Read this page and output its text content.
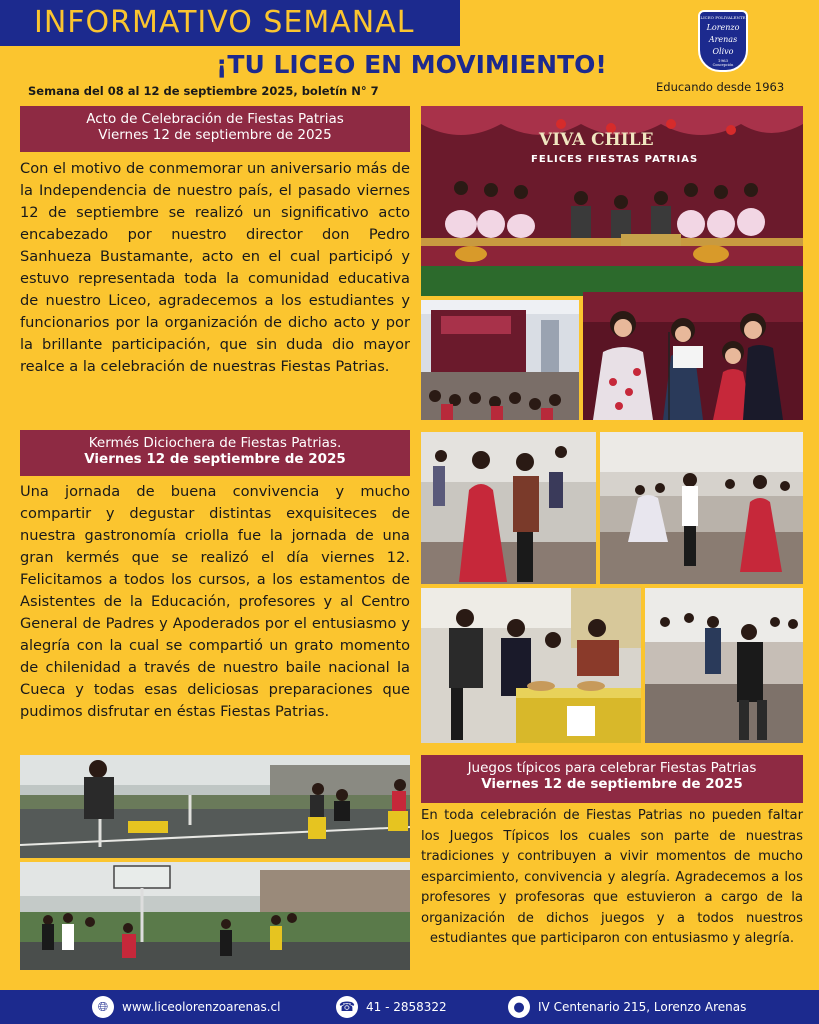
INFORMATIVO SEMANAL
¡TU LICEO EN MOVIMIENTO!
Semana del 08 al 12 de septiembre 2025, boletín N° 7	Educando desde 1963
LICEO POLIVALENTE
Lorenzo
Arenas
Olivo
1963
Concepción
Acto de Celebración de Fiestas Patrias
Viernes 12 de septiembre de 2025
Con el motivo de conmemorar un aniversario más de la Independencia de nuestro país, el pasado viernes 12 de septiembre se realizó un significativo acto encabezado por nuestro director don Pedro Sanhueza Bustamante, acto en el cual participó y estuvo representada toda la comunidad educativa de nuestro Liceo, agradecemos a los estudiantes y funcionarios por la organización de dicho acto y por la brillante participación, que sin duda dio mayor realce a la celebración de nuestras Fiestas Patrias.
VIVA CHILE
FELICES FIESTAS PATRIAS
Kermés Diciochera de Fiestas Patrias.
Viernes 12 de septiembre de 2025
Una jornada de buena convivencia y mucho compartir y degustar distintas exquisiteces de nuestra gastronomía criolla fue la jornada de una gran kermés que se realizó el día viernes 12. Felicitamos a todos los cursos, a los estamentos de Asistentes de la Educación, profesores y al Centro General de Padres y Apoderados por el entusiasmo y alegría con la cual se compartió un grato momento de chilenidad a través de nuestro baile nacional la Cueca y todas esas deliciosas preparaciones que pudimos disfrutar en éstas Fiestas Patrias.
Juegos típicos para celebrar Fiestas Patrias
Viernes 12 de septiembre de 2025
En toda celebración de Fiestas Patrias no pueden faltar los Juegos Típicos los cuales son parte de nuestras tradiciones y contribuyen a vivir momentos de mucho esparcimiento, convivencia y alegría. Agradecemos a los profesores y profesoras que estuvieron a cargo de la organización de dichos juegos y a todos nuestros estudiantes que participaron con entusiasmo y alegría.
🌐︎	www.liceolorenzoarenas.cl	☎ 41 - 2858322	●	IV Centenario 215, Lorenzo Arenas
